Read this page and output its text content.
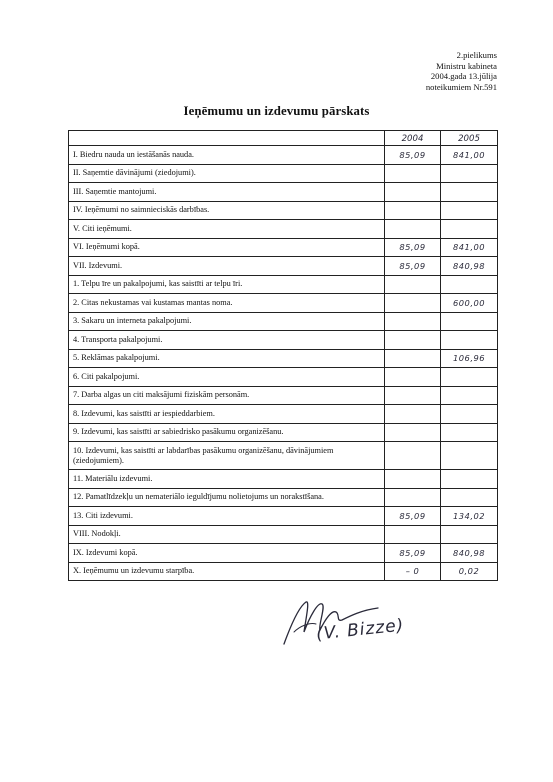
2.pielikums
Ministru kabineta
2004.gada 13.jūlija
noteikumiem Nr.591
Ieņēmumu un izdevumu pārskats
	2004	2005
I. Biedru nauda un iestāšanās nauda.	85,09	841,00
II. Saņemtie dāvinājumi (ziedojumi).		
III. Saņemtie mantojumi.		
IV. Ieņēmumi no saimnieciskās darbības.		
V. Citi ieņēmumi.		
VI. Ieņēmumi kopā.	85,09	841,00
VII. Izdevumi.	85,09	840,98
1. Telpu īre un pakalpojumi, kas saistīti ar telpu īri.		
2. Citas nekustamas vai kustamas mantas noma.		600,00
3. Sakaru un interneta pakalpojumi.		
4. Transporta pakalpojumi.		
5. Reklāmas pakalpojumi.		106,96
6. Citi pakalpojumi.		
7. Darba algas un citi maksājumi fiziskām personām.		
8. Izdevumi, kas saistīti ar iespieddarbiem.		
9. Izdevumi, kas saistīti ar sabiedrisko pasākumu organizēšanu.		
10. Izdevumi, kas saistīti ar labdarības pasākumu organizēšanu, dāvinājumiem (ziedojumiem).		
11. Materiālu izdevumi.		
12. Pamatlīdzekļu un nemateriālo ieguldījumu nolietojums un norakstīšana.		
13. Citi izdevumi.	85,09	134,02
VIII. Nodokļi.		
IX. Izdevumi kopā.	85,09	840,98
X. Ieņēmumu un izdevumu starpība.	– 0	0,02
(V. Bizze)
